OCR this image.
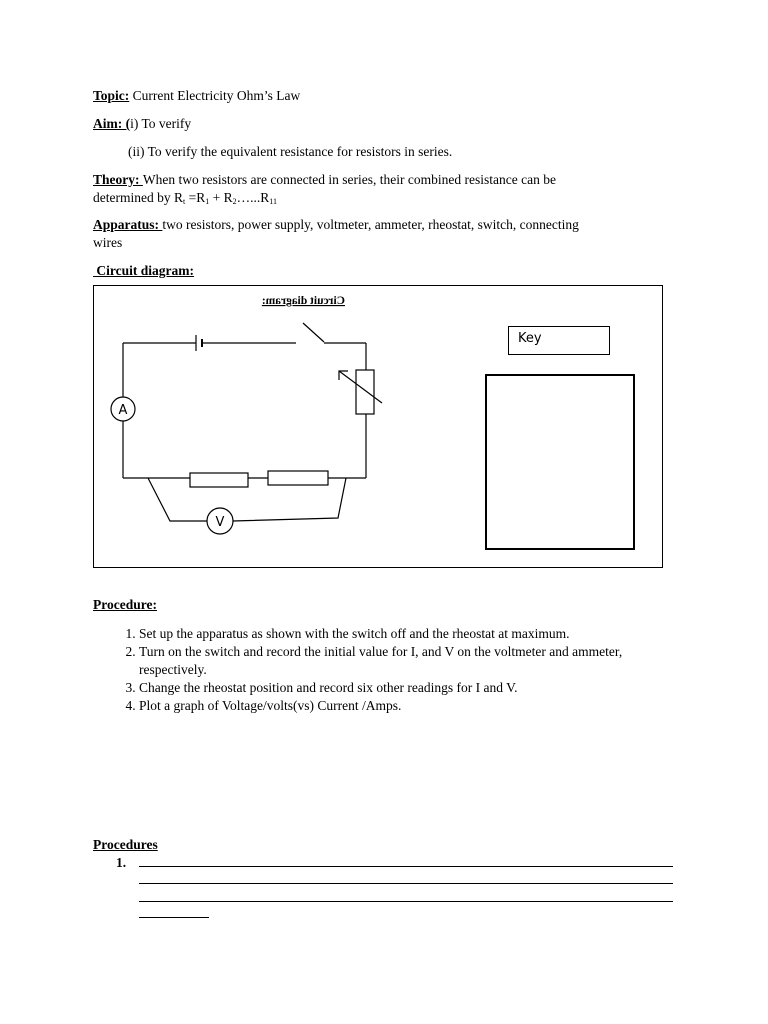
Topic: Current Electricity Ohm’s Law
Aim: (i) To verify
(ii) To verify the equivalent resistance for resistors in series.
Theory: When two resistors are connected in series, their combined resistance can be
determined by $R_t =R_1$ + $R_2\dots...R_{11}$
Apparatus: two resistors, power supply, voltmeter, ammeter, rheostat, switch, connecting
wires
Circuit diagram:
Circuit diagram:
A
V
Key
Procedure:
1. Set up the apparatus as shown with the switch off and the rheostat at maximum.
2. Turn on the switch and record the initial value for I, and V on the voltmeter and ammeter, respectively.
3. Change the rheostat position and record six other readings for I and V.
4. Plot a graph of Voltage/volts(vs) Current /Amps.
Procedures
1.
